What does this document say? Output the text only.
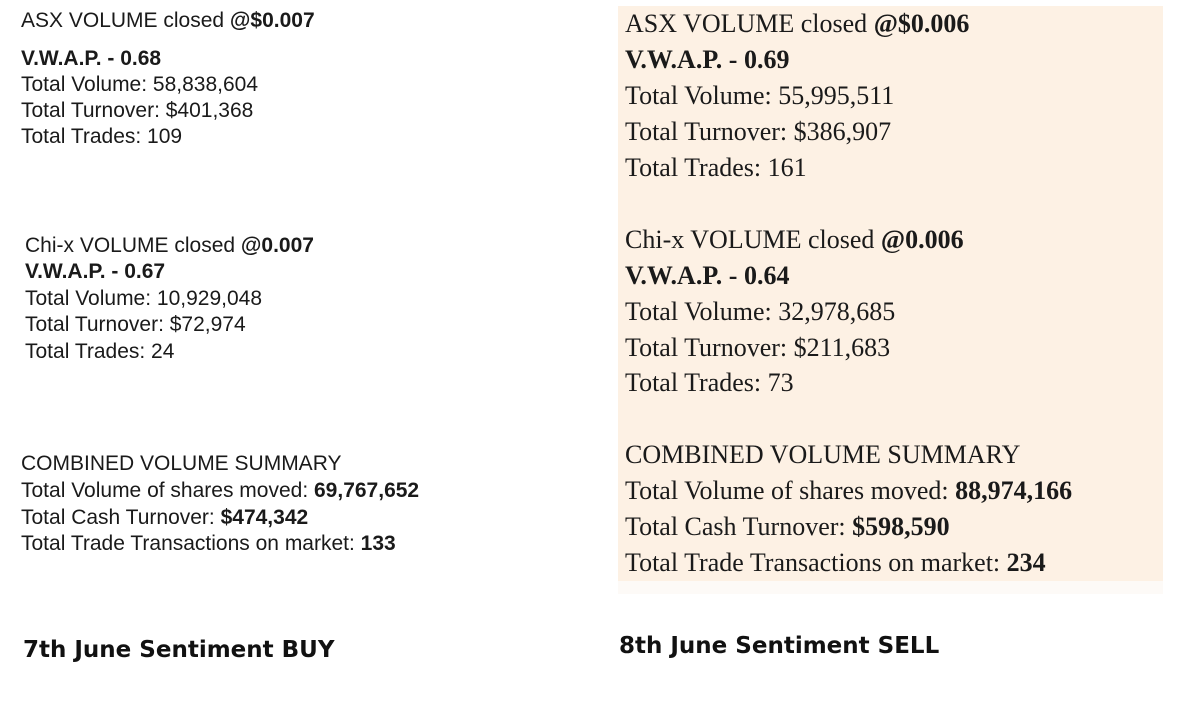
ASX VOLUME closed @$0.007
V.W.A.P. - 0.68
Total Volume: 58,838,604
Total Turnover: $401,368
Total Trades: 109
Chi-x VOLUME closed @0.007
V.W.A.P. - 0.67
Total Volume: 10,929,048
Total Turnover: $72,974
Total Trades: 24
COMBINED VOLUME SUMMARY
Total Volume of shares moved: 69,767,652
Total Cash Turnover: $474,342
Total Trade Transactions on market: 133
7th June Sentiment BUY
ASX VOLUME closed @$0.006
V.W.A.P. - 0.69
Total Volume: 55,995,511
Total Turnover: $386,907
Total Trades: 161
Chi-x VOLUME closed @0.006
V.W.A.P. - 0.64
Total Volume: 32,978,685
Total Turnover: $211,683
Total Trades: 73
COMBINED VOLUME SUMMARY
Total Volume of shares moved: 88,974,166
Total Cash Turnover: $598,590
Total Trade Transactions on market: 234
8th June Sentiment SELL
